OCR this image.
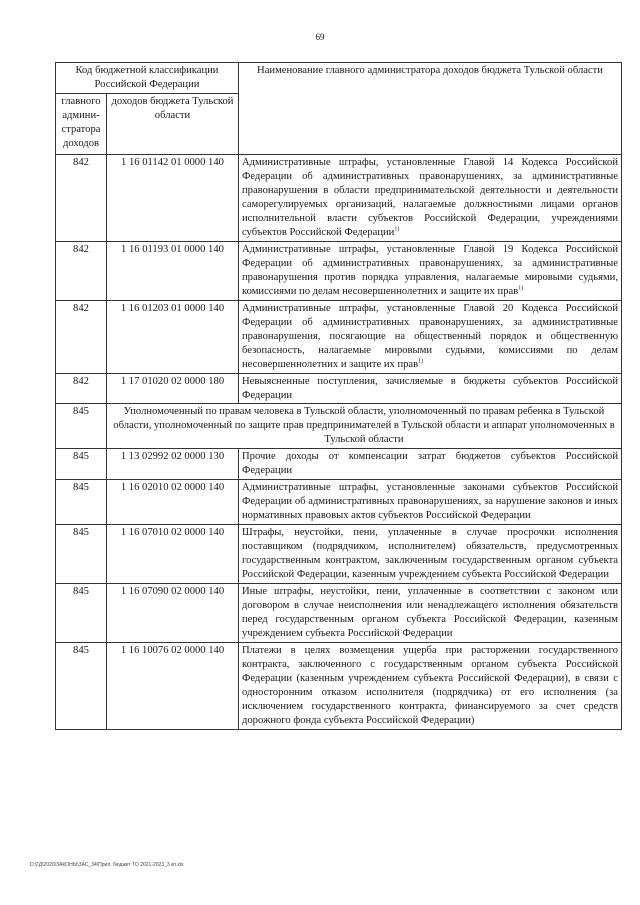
69
Код бюджетной классификации Российской Федерации		Наименование главного администратора доходов бюджета Тульской области
главного админи-стратора доходов	доходов бюджета Тульской области	
842	1 16 01142 01 0000 140	Административные штрафы, установленные Главой 14 Кодекса Российской Федерации об административных правонарушениях, за административные правонарушения в области предпринимательской деятельности и деятельности саморегулируемых организаций, налагаемые должностными лицами органов исполнительной власти субъектов Российской Федерации, учреждениями субъектов Российской Федерации$^{1)}$
842	1 16 01193 01 0000 140	Административные штрафы, установленные Главой 19 Кодекса Российской Федерации об административных правонарушениях, за административные правонарушения против порядка управления, налагаемые мировыми судьями, комиссиями по делам несовершеннолетних и защите их прав$^{1)}$
842	1 16 01203 01 0000 140	Административные штрафы, установленные Главой 20 Кодекса Российской Федерации об административных правонарушениях, за административные правонарушения, посягающие на общественный порядок и общественную безопасность, налагаемые мировыми судьями, комиссиями по делам несовершеннолетних и защите их прав$^{1)}$
842	1 17 01020 02 0000 180	Невыясненные поступления, зачисляемые в бюджеты субъектов Российской Федерации
845	Уполномоченный по правам человека в Тульской области, уполномоченный по правам ребенка в Тульской области, уполномоченный по защите прав предпринимателей в Тульской области и аппарат уполномоченных в Тульской области	
845	1 13 02992 02 0000 130	Прочие доходы от компенсации затрат бюджетов субъектов Российской Федерации
845	1 16 02010 02 0000 140	Административные штрафы, установленные законами субъектов Российской Федерации об административных правонарушениях, за нарушение законов и иных нормативных правовых актов субъектов Российской Федерации
845	1 16 07010 02 0000 140	Штрафы, неустойки, пени, уплаченные в случае просрочки исполнения поставщиком (подрядчиком, исполнителем) обязательств, предусмотренных государственным контрактом, заключенным государственным органом субъекта Российской Федерации, казенным учреждением субъекта Российской Федерации
845	1 16 07090 02 0000 140	Иные штрафы, неустойки, пени, уплаченные в соответствии с законом или договором в случае неисполнения или ненадлежащего исполнения обязательств перед государственным органом субъекта Российской Федерации, казенным учреждением субъекта Российской Федерации
845	1 16 10076 02 0000 140	Платежи в целях возмещения ущерба при расторжении государственного контракта, заключенного с государственным органом субъекта Российской Федерации (казенным учреждением субъекта Российской Федерации), в связи с односторонним отказом исполнителя (подрядчика) от его исполнения (за исключением государственного контракта, финансируемого за счет средств дорожного фонда субъекта Российской Федерации)
D:\ГД\2020\ЗАКОНЫ\ЗАС_34\Прил. бюджет ТО 2021-2023_3 кп.xls
